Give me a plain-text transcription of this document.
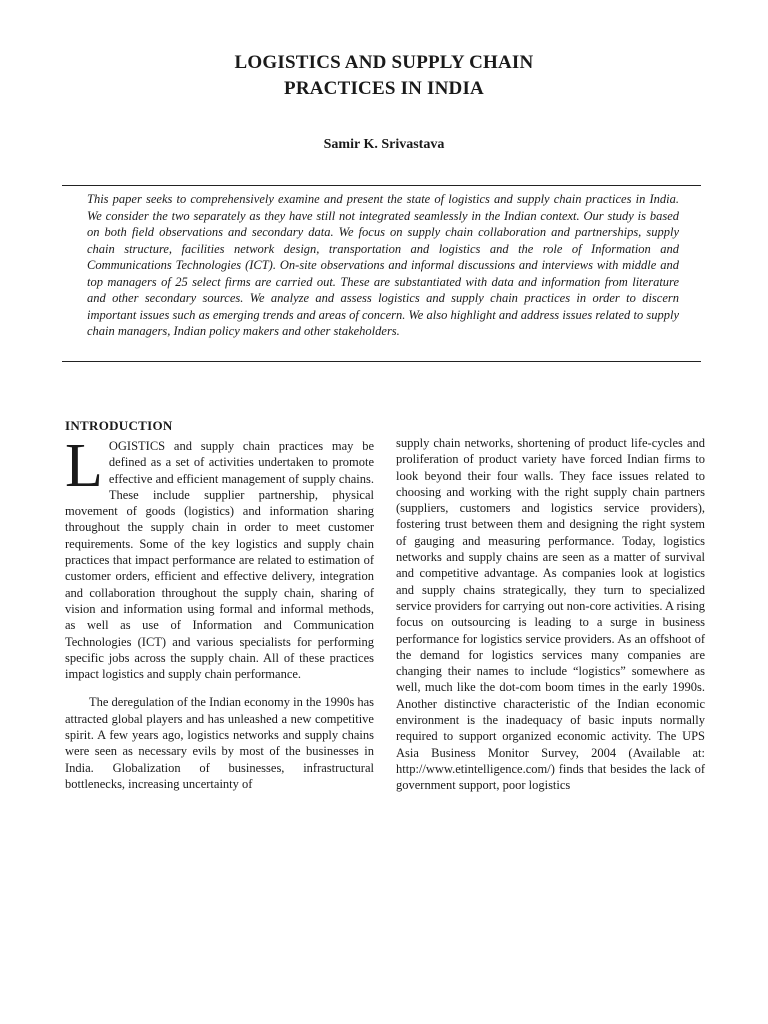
LOGISTICS AND SUPPLY CHAIN
PRACTICES IN INDIA
Samir K. Srivastava
This paper seeks to comprehensively examine and present the state of logistics and supply chain practices in India. We consider the two separately as they have still not integrated seamlessly in the Indian context. Our study is based on both field observations and secondary data. We focus on supply chain collaboration and partnerships, supply chain structure, facilities network design, transportation and logistics and the role of Information and Communications Technologies (ICT). On-site observations and informal discussions and interviews with middle and top managers of 25 select firms are carried out. These are substantiated with data and information from literature and other secondary sources. We analyze and assess logistics and supply chain practices in order to discern important issues such as emerging trends and areas of concern. We also highlight and address issues related to supply chain managers, Indian policy makers and other stakeholders.
INTRODUCTION

LOGISTICS and supply chain practices may be defined as a set of activities undertaken to promote effective and efficient management of supply chains. These include supplier partnership, physical movement of goods (logistics) and information sharing throughout the supply chain in order to meet customer requirements. Some of the key logistics and supply chain practices that impact performance are related to estimation of customer orders, efficient and effective delivery, integration and collaboration throughout the supply chain, sharing of vision and information using formal and informal methods, as well as use of Information and Communication Technologies (ICT) and various specialists for performing specific jobs across the supply chain. All of these practices impact logistics and supply chain performance.

The deregulation of the Indian economy in the 1990s has attracted global players and has unleashed a new competitive spirit. A few years ago, logistics networks and supply chains were seen as necessary evils by most of the businesses in India. Globalization of businesses, infrastructural bottlenecks, increasing uncertainty of

supply chain networks, shortening of product life-cycles and proliferation of product variety have forced Indian firms to look beyond their four walls. They face issues related to choosing and working with the right supply chain partners (suppliers, customers and logistics service providers), fostering trust between them and designing the right system of gauging and measuring performance. Today, logistics networks and supply chains are seen as a matter of survival and competitive advantage. As companies look at logistics and supply chains strategically, they turn to specialized service providers for carrying out non-core activities. A rising focus on outsourcing is leading to a surge in business performance for logistics service providers. As an offshoot of the demand for logistics services many companies are changing their names to include “logistics” somewhere as well, much like the dot-com boom times in the early 1990s. Another distinctive characteristic of the Indian economic environment is the inadequacy of basic inputs normally required to support organized economic activity. The UPS Asia Business Monitor Survey, 2004 (Available at: http://www.etintelligence.com/) finds that besides the lack of government support, poor logistics
